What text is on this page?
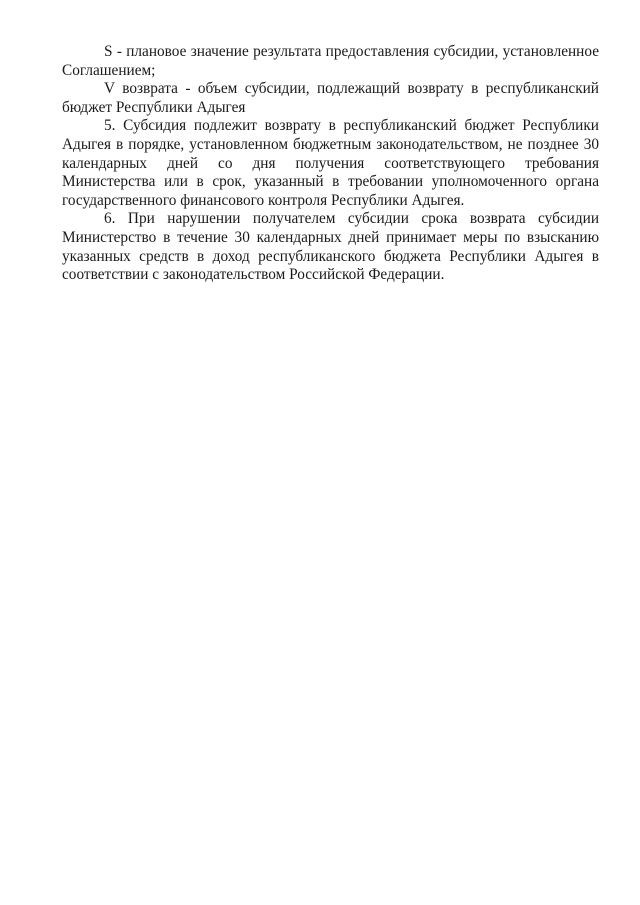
S - плановое значение результата предоставления субсидии, установленное Соглашением;

V возврата - объем субсидии, подлежащий возврату в республиканский бюджет Республики Адыгея

5. Субсидия подлежит возврату в республиканский бюджет Республики Адыгея в порядке, установленном бюджетным законодательством, не позднее 30 календарных дней со дня получения соответствующего требования Министерства или в срок, указанный в требовании уполномоченного органа государственного финансового контроля Республики Адыгея.

6. При нарушении получателем субсидии срока возврата субсидии Министерство в течение 30 календарных дней принимает меры по взысканию указанных средств в доход республиканского бюджета Республики Адыгея в соответствии с законодательством Российской Федерации.
